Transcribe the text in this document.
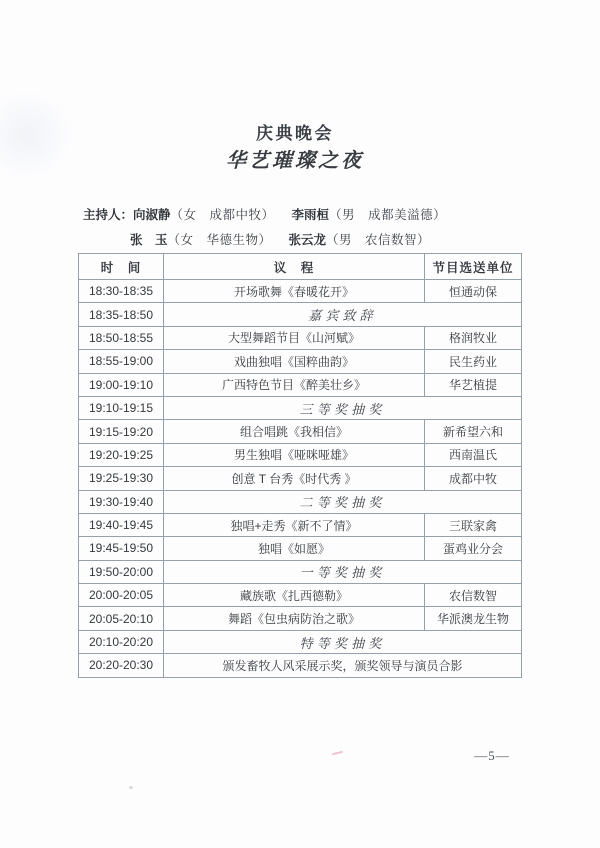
庆典晚会
华艺璀璨之夜
主持人：向淑静（女　成都中牧） 李雨桓（男　成都美溢德）
张　玉（女　华德生物） 张云龙（男　农信数智）
时　间	议　程	节目选送单位
18:30-18:35	开场歌舞《春暖花开》	恒通动保
18:35-18:50	嘉宾致辞	
18:50-18:55	大型舞蹈节目《山河赋》	格润牧业
18:55-19:00	戏曲独唱《国粹曲韵》	民生药业
19:00-19:10	广西特色节目《醉美壮乡》	华艺植提
19:10-19:15	三等奖抽奖	
19:15-19:20	组合唱跳《我相信》	新希望六和
19:20-19:25	男生独唱《哑咪哑雄》	西南温氏
19:25-19:30	创意 T 台秀《时代秀 》	成都中牧
19:30-19:40	二等奖抽奖	
19:40-19:45	独唱+走秀《新不了情》	三联家禽
19:45-19:50	独唱《如愿》	蛋鸡业分会
19:50-20:00	一等奖抽奖	
20:00-20:05	藏族歌《扎西德勒》	农信数智
20:05-20:10	舞蹈《包虫病防治之歌》	华派澳龙生物
20:10-20:20	特等奖抽奖	
20:20-20:30	颁发畜牧人风采展示奖，颁奖领导与演员合影	
—5—
